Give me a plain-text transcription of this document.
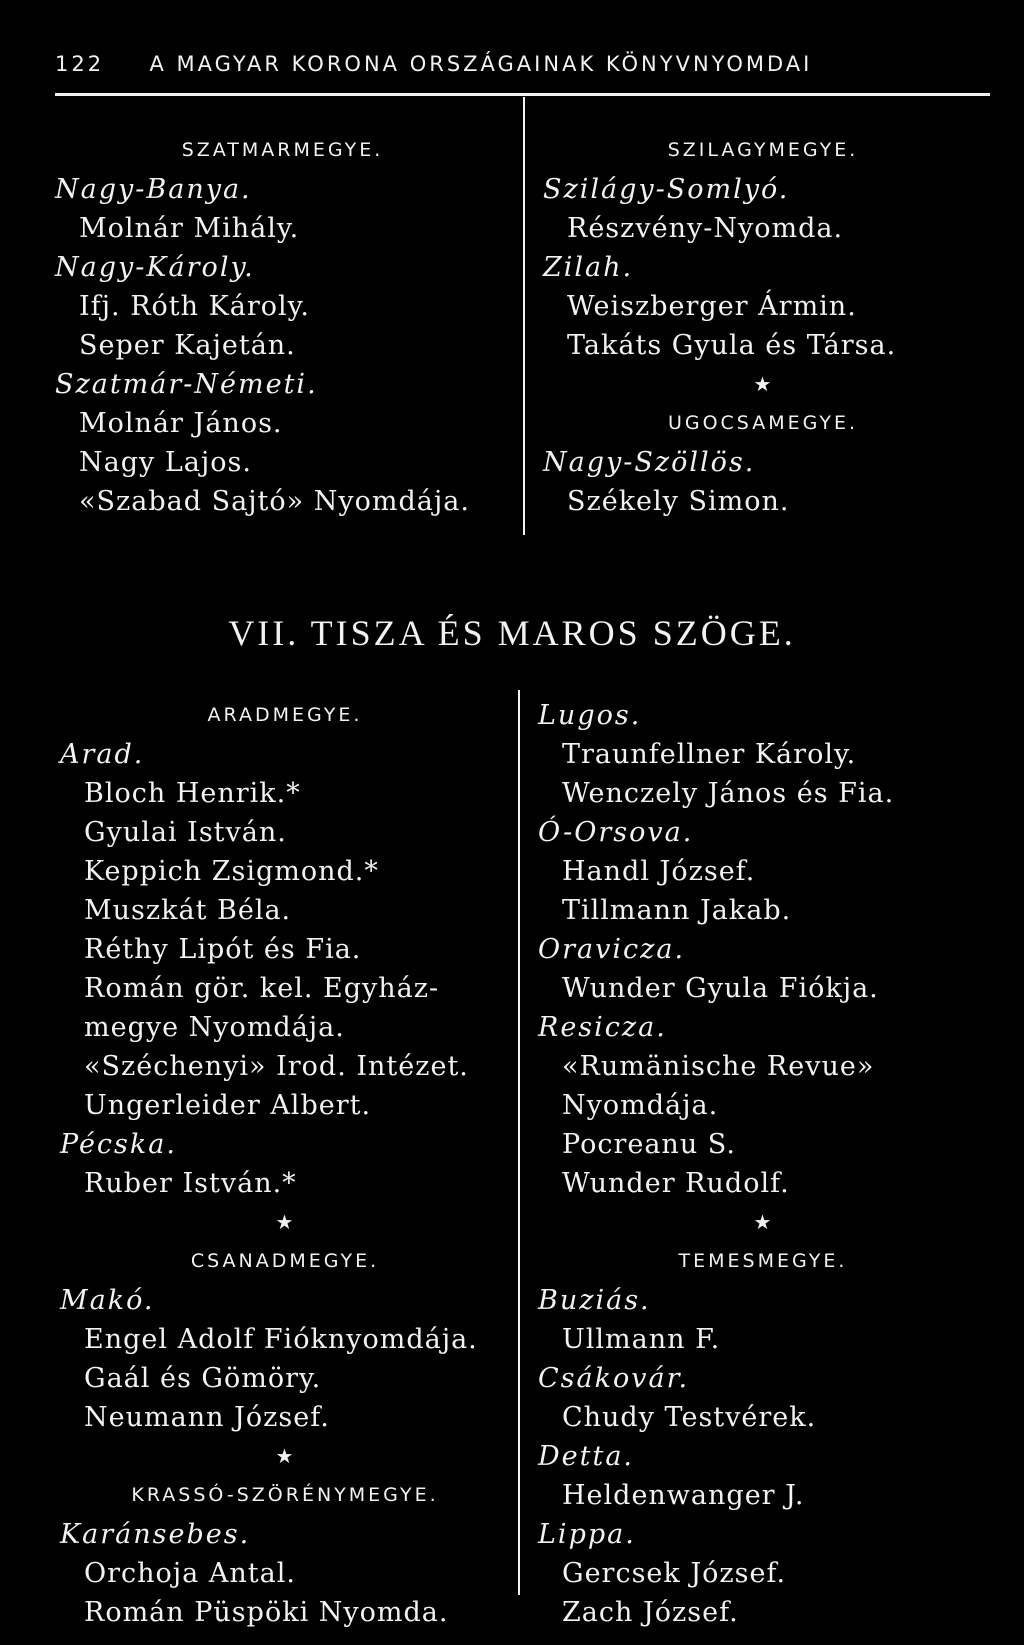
122 A MAGYAR KORONA ORSZÁGAINAK KÖNYVNYOMDAI
SZATMARMEGYE.
Nagy-Banya.
Molnár Mihály.
Nagy-Károly.
Ifj. Róth Károly.
Seper Kajetán.
Szatmár-Németi.
Molnár János.
Nagy Lajos.
«Szabad Sajtó» Nyomdája.
SZILAGYMEGYE.
Szilágy-Somlyó.
Részvény-Nyomda.
Zilah.
Weiszberger Ármin.
Takáts Gyula és Társa.
★
UGOCSAMEGYE.
Nagy-Szöllös.
Székely Simon.
VII. TISZA ÉS MAROS SZÖGE.
ARADMEGYE.
Arad.
Bloch Henrik.*
Gyulai István.
Keppich Zsigmond.*
Muszkát Béla.
Réthy Lipót és Fia.
Román gör. kel. Egyház-
megye Nyomdája.
«Széchenyi» Irod. Intézet.
Ungerleider Albert.
Pécska.
Ruber István.*
★
CSANADMEGYE.
Makó.
Engel Adolf Fióknyomdája.
Gaál és Gömöry.
Neumann József.
★
KRASSÓ-SZÖRÉNYMEGYE.
Karánsebes.
Orchoja Antal.
Román Püspöki Nyomda.
Lugos.
Traunfellner Károly.
Wenczely János és Fia.
Ó-Orsova.
Handl József.
Tillmann Jakab.
Oravicza.
Wunder Gyula Fiókja.
Resicza.
«Rumänische Revue»
Nyomdája.
Pocreanu S.
Wunder Rudolf.
★
TEMESMEGYE.
Buziás.
Ullmann F.
Csákovár.
Chudy Testvérek.
Detta.
Heldenwanger J.
Lippa.
Gercsek József.
Zach József.
